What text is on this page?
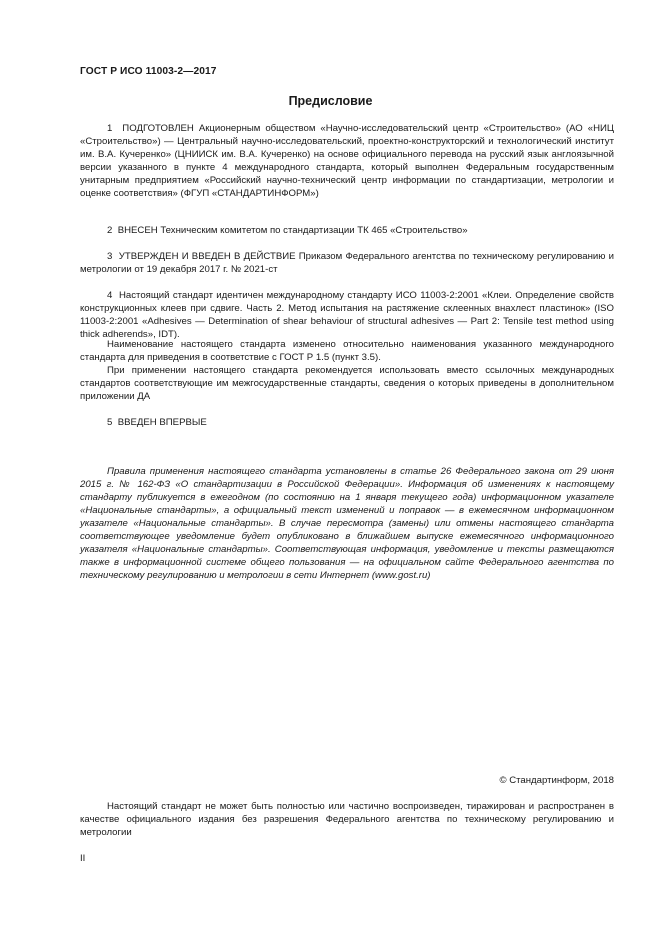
ГОСТ Р ИСО 11003-2—2017
Предисловие

1 ПОДГОТОВЛЕН Акционерным обществом «Научно-исследовательский центр «Строительство» (АО «НИЦ «Строительство») — Центральный научно-исследовательский, проектно-конструкторский и технологический институт им. В.А. Кучеренко» (ЦНИИСК им. В.А. Кучеренко) на основе официального перевода на русский язык англоязычной версии указанного в пункте 4 международного стандарта, который выполнен Федеральным государственным унитарным предприятием «Российский научно-технический центр информации по стандартизации, метрологии и оценке соответствия» (ФГУП «СТАНДАРТИНФОРМ»)

2 ВНЕСЕН Техническим комитетом по стандартизации ТК 465 «Строительство»

3 УТВЕРЖДЕН И ВВЕДЕН В ДЕЙСТВИЕ Приказом Федерального агентства по техническому регулированию и метрологии от 19 декабря 2017 г. № 2021-ст

4 Настоящий стандарт идентичен международному стандарту ИСО 11003-2:2001 «Клеи. Определение свойств конструкционных клеев при сдвиге. Часть 2. Метод испытания на растяжение склеенных внахлест пластинок» (ISO 11003-2:2001 «Adhesives — Determination of shear behaviour of structural adhesives — Part 2: Tensile test method using thick adherends», IDT).

Наименование настоящего стандарта изменено относительно наименования указанного международного стандарта для приведения в соответствие с ГОСТ Р 1.5 (пункт 3.5).

При применении настоящего стандарта рекомендуется использовать вместо ссылочных международных стандартов соответствующие им межгосударственные стандарты, сведения о которых приведены в дополнительном приложении ДА

5 ВВЕДЕН ВПЕРВЫЕ

Правила применения настоящего стандарта установлены в статье 26 Федерального закона от 29 июня 2015 г. № 162-ФЗ «О стандартизации в Российской Федерации». Информация об изменениях к настоящему стандарту публикуется в ежегодном (по состоянию на 1 января текущего года) информационном указателе «Национальные стандарты», а официальный текст изменений и поправок — в ежемесячном информационном указателе «Национальные стандарты». В случае пересмотра (замены) или отмены настоящего стандарта соответствующее уведомление будет опубликовано в ближайшем выпуске ежемесячного информационного указателя «Национальные стандарты». Соответствующая информация, уведомление и тексты размещаются также в информационной системе общего пользования — на официальном сайте Федерального агентства по техническому регулированию и метрологии в сети Интернет (www.gost.ru)

© Стандартинформ, 2018

Настоящий стандарт не может быть полностью или частично воспроизведен, тиражирован и распространен в качестве официального издания без разрешения Федерального агентства по техническому регулированию и метрологии

II
